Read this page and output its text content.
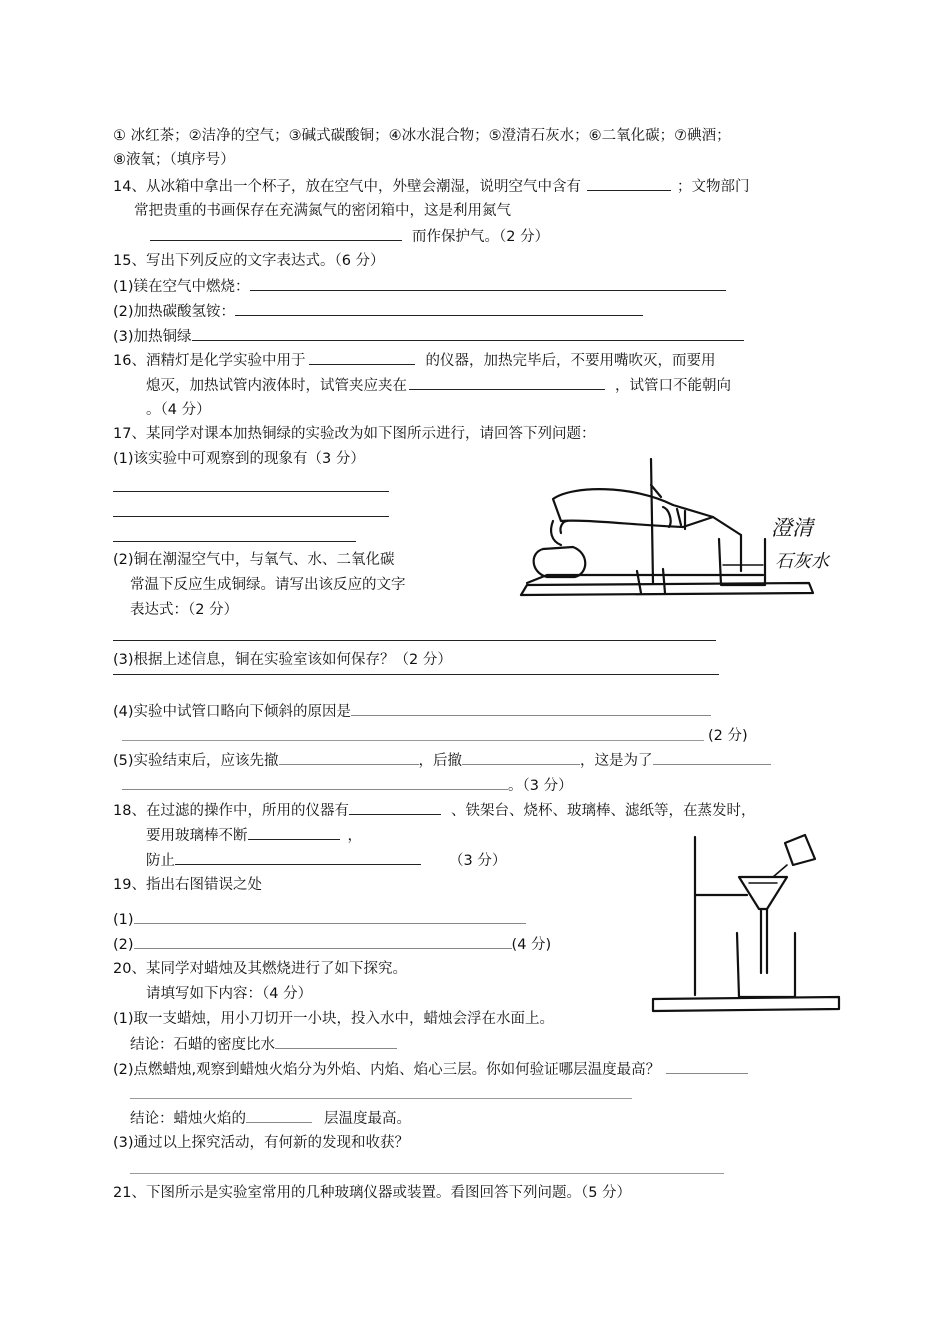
① 冰红茶；②洁净的空气；③碱式碳酸铜；④冰水混合物；⑤澄清石灰水；⑥二氧化碳；⑦碘酒；
⑧液氧；（填序号）
14、从冰箱中拿出一个杯子，放在空气中，外壁会潮湿，说明空气中含有	；文物部门
常把贵重的书画保存在充满氮气的密闭箱中，这是利用氮气
而作保护气。（2 分）
15、写出下列反应的文字表达式。（6 分）
(1)镁在空气中燃烧：
(2)加热碳酸氢铵：
(3)加热铜绿
16、酒精灯是化学实验中用于	的仪器，加热完毕后，不要用嘴吹灭，而要用
熄灭，加热试管内液体时，试管夹应夹在	，试管口不能朝向
。（4 分）
17、某同学对课本加热铜绿的实验改为如下图所示进行，请回答下列问题：
(1)该实验中可观察到的现象有（3 分）
(2)铜在潮湿空气中，与氧气、水、二氧化碳
常温下反应生成铜绿。请写出该反应的文字
表达式：（2 分）
(3)根据上述信息，铜在实验室该如何保存？（2 分）
(4)实验中试管口略向下倾斜的原因是
(2 分)
(5)实验结束后，应该先撤	，后撤	，这是为了
。（3 分）
澄清
石灰水
18、在过滤的操作中，所用的仪器有	、铁架台、烧杯、玻璃棒、滤纸等，在蒸发时，
要用玻璃棒不断	，
防止	（3 分）
19、指出右图错误之处
(1)
(2)	(4 分)
20、某同学对蜡烛及其燃烧进行了如下探究。
请填写如下内容：（4 分）
(1)取一支蜡烛，用小刀切开一小块，投入水中，蜡烛会浮在水面上。
结论：石蜡的密度比水
(2)点燃蜡烛,观察到蜡烛火焰分为外焰、内焰、焰心三层。你如何验证哪层温度最高？
结论：蜡烛火焰的	层温度最高。
(3)通过以上探究活动，有何新的发现和收获？
21、下图所示是实验室常用的几种玻璃仪器或装置。看图回答下列问题。（5 分）
